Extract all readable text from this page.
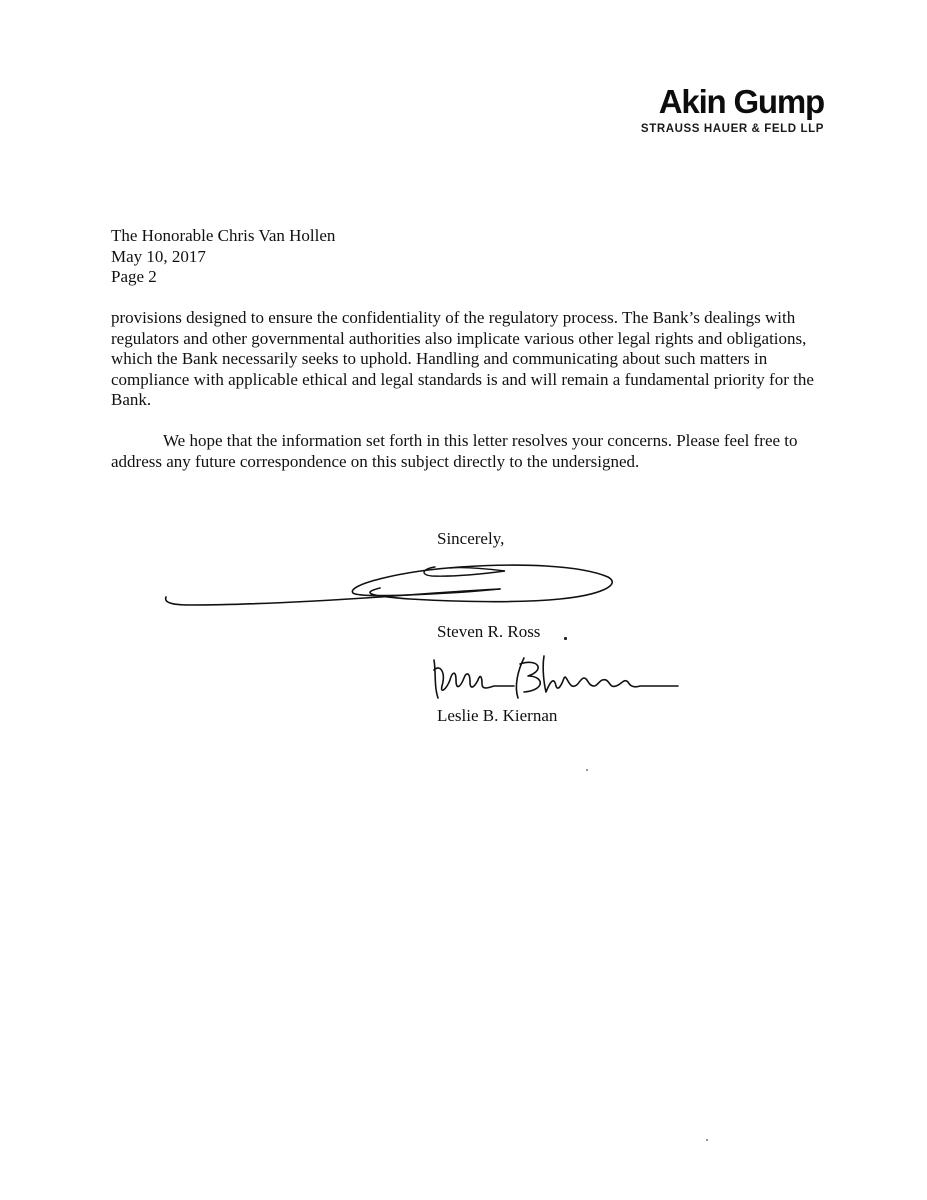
Akin Gump
STRAUSS HAUER & FELD LLP
The Honorable Chris Van Hollen
May 10, 2017
Page 2

provisions designed to ensure the confidentiality of the regulatory process. The Bank’s dealings with regulators and other governmental authorities also implicate various other legal rights and obligations, which the Bank necessarily seeks to uphold. Handling and communicating about such matters in compliance with applicable ethical and legal standards is and will remain a fundamental priority for the Bank.

We hope that the information set forth in this letter resolves your concerns. Please feel free to address any future correspondence on this subject directly to the undersigned.

Sincerely,
Steven R. Ross
Leslie B. Kiernan
